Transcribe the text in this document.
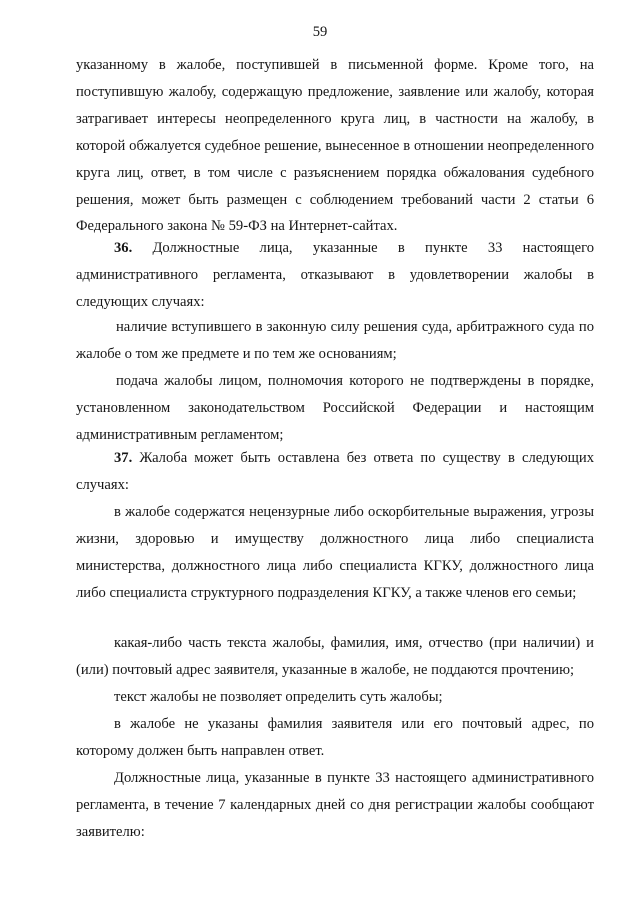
59

указанному в жалобе, поступившей в письменной форме. Кроме того, на поступившую жалобу, содержащую предложение, заявление или жалобу, которая затрагивает интересы неопределенного круга лиц, в частности на жалобу, в которой обжалуется судебное решение, вынесенное в отношении неопределенного круга лиц, ответ, в том числе с разъяснением порядка обжалования судебного решения, может быть размещен с соблюдением требований части 2 статьи 6 Федерального закона № 59-ФЗ на Интернет-сайтах.

36. Должностные лица, указанные в пункте 33 настоящего административного регламента, отказывают в удовлетворении жалобы в следующих случаях:

наличие вступившего в законную силу решения суда, арбитражного суда по жалобе о том же предмете и по тем же основаниям;

подача жалобы лицом, полномочия которого не подтверждены в порядке, установленном законодательством Российской Федерации и настоящим административным регламентом;

37. Жалоба может быть оставлена без ответа по существу в следующих случаях:

в жалобе содержатся нецензурные либо оскорбительные выражения, угрозы жизни, здоровью и имуществу должностного лица либо специалиста министерства, должностного лица либо специалиста КГКУ, должностного лица либо специалиста структурного подразделения КГКУ, а также членов его семьи;

какая-либо часть текста жалобы, фамилия, имя, отчество (при наличии) и (или) почтовый адрес заявителя, указанные в жалобе, не поддаются прочтению;

текст жалобы не позволяет определить суть жалобы;

в жалобе не указаны фамилия заявителя или его почтовый адрес, по которому должен быть направлен ответ.

Должностные лица, указанные в пункте 33 настоящего административного регламента, в течение 7 календарных дней со дня регистрации жалобы сообщают заявителю:
